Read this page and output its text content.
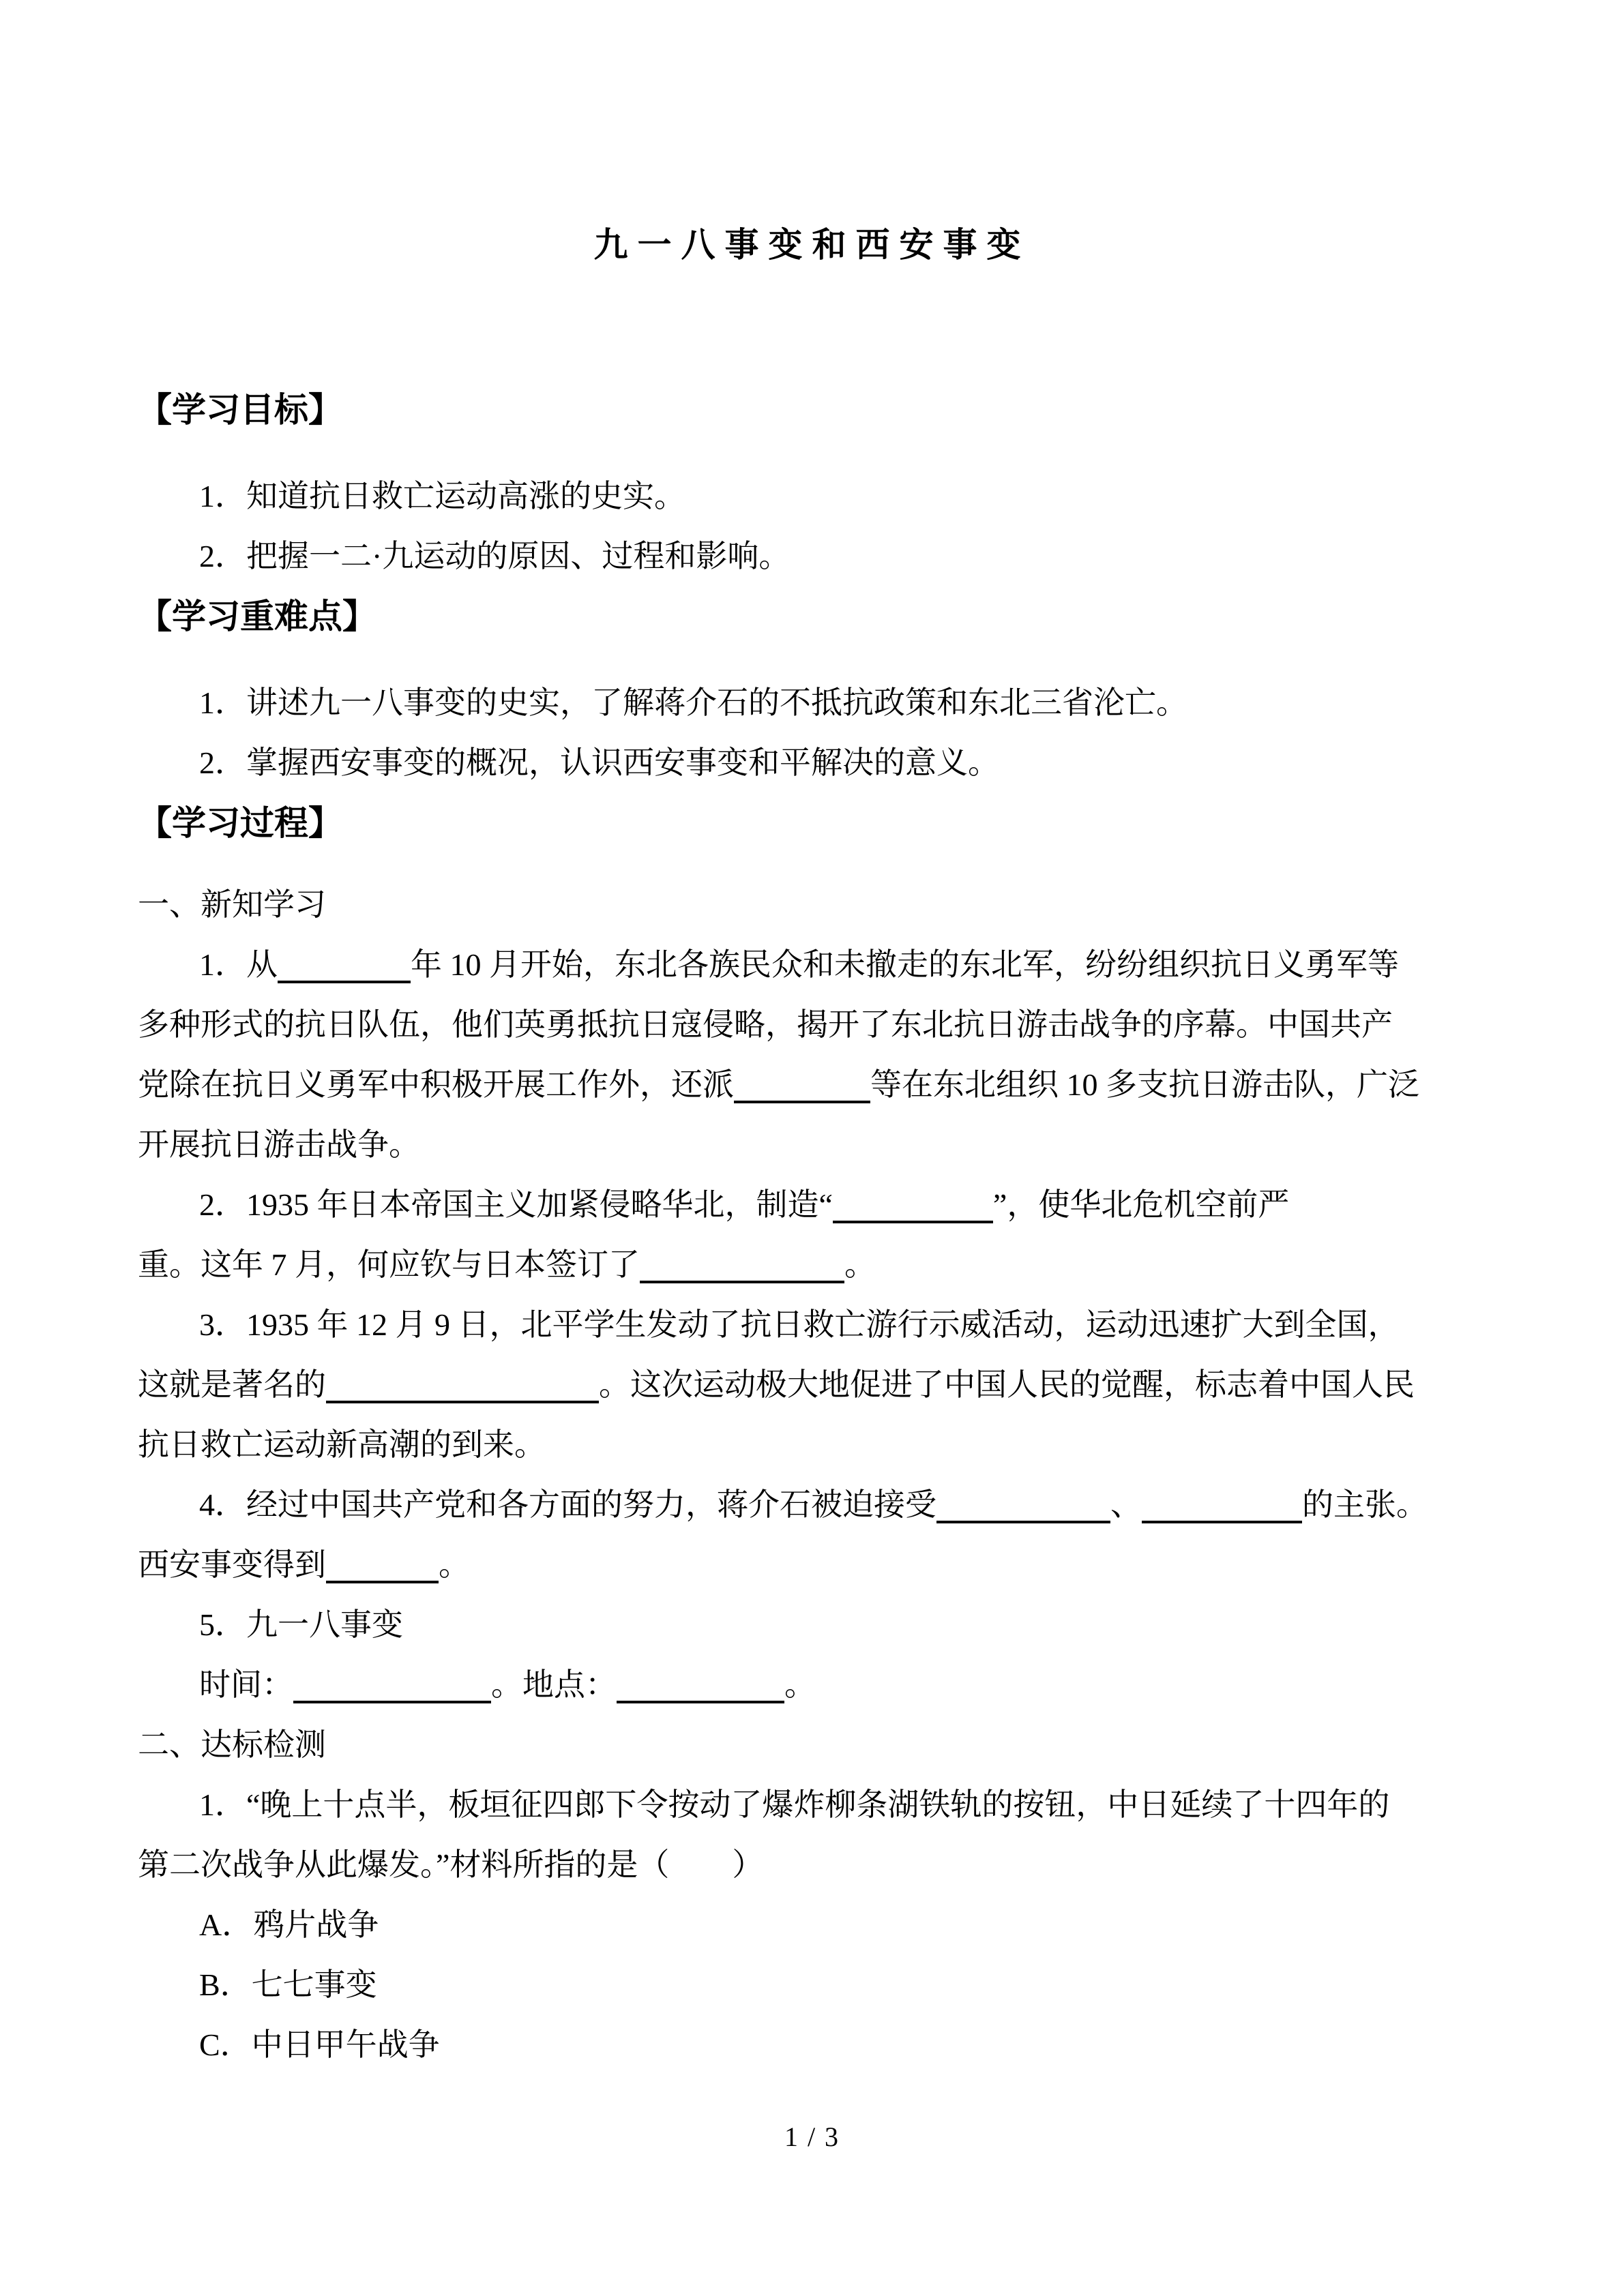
九一八事变和西安事变
【学习目标】
1．知道抗日救亡运动高涨的史实。
2．把握一二·九运动的原因、过程和影响。
【学习重难点】
1．讲述九一八事变的史实，了解蒋介石的不抵抗政策和东北三省沦亡。
2．掌握西安事变的概况，认识西安事变和平解决的意义。
【学习过程】
一、新知学习
1．从	年 10 月开始，东北各族民众和未撤走的东北军，纷纷组织抗日义勇军等
多种形式的抗日队伍，他们英勇抵抗日寇侵略，揭开了东北抗日游击战争的序幕。中国共产
党除在抗日义勇军中积极开展工作外，还派	等在东北组织 10 多支抗日游击队，广泛
开展抗日游击战争。
2．1935 年日本帝国主义加紧侵略华北，制造“	”，使华北危机空前严
重。这年 7 月，何应钦与日本签订了	。
3．1935 年 12 月 9 日，北平学生发动了抗日救亡游行示威活动，运动迅速扩大到全国，
这就是著名的	。这次运动极大地促进了中国人民的觉醒，标志着中国人民
抗日救亡运动新高潮的到来。
4．经过中国共产党和各方面的努力，蒋介石被迫接受	、	的主张。
西安事变得到	。
5．九一八事变
时间：	。地点：	。
二、达标检测
1．“晚上十点半，板垣征四郎下令按动了爆炸柳条湖铁轨的按钮，中日延续了十四年的
第二次战争从此爆发。”材料所指的是（　　）
A．鸦片战争
B．七七事变
C．中日甲午战争
1 / 3
